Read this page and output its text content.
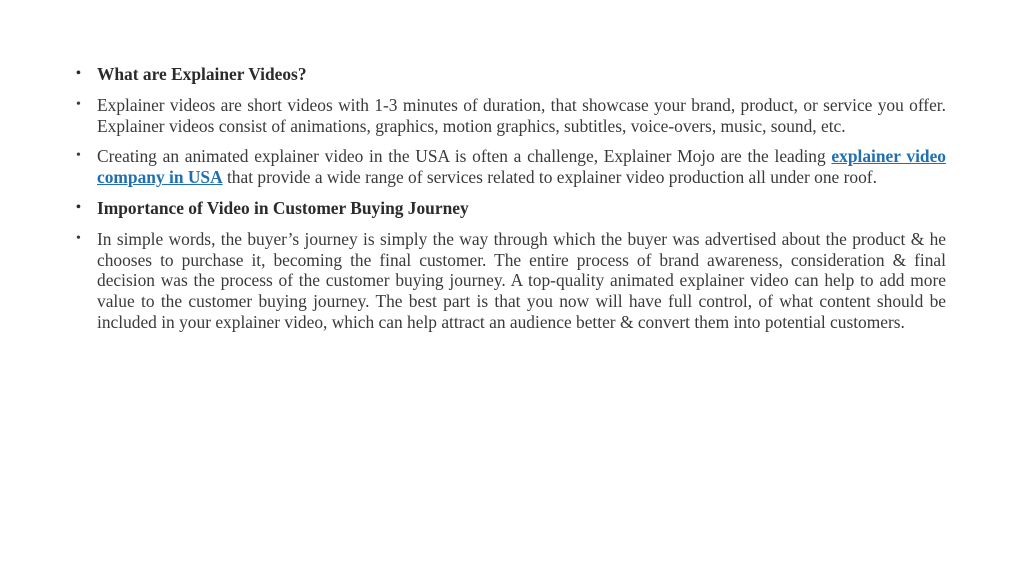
• What are Explainer Videos?
• Explainer videos are short videos with 1-3 minutes of duration, that showcase your brand, product, or service you offer. Explainer videos consist of animations, graphics, motion graphics, subtitles, voice-overs, music, sound, etc.
• Creating an animated explainer video in the USA is often a challenge, Explainer Mojo are the leading explainer video company in USA that provide a wide range of services related to explainer video production all under one roof.
• Importance of Video in Customer Buying Journey
• In simple words, the buyer’s journey is simply the way through which the buyer was advertised about the product & he chooses to purchase it, becoming the final customer. The entire process of brand awareness, consideration & final decision was the process of the customer buying journey. A top-quality animated explainer video can help to add more value to the customer buying journey. The best part is that you now will have full control, of what content should be included in your explainer video, which can help attract an audience better & convert them into potential customers.
